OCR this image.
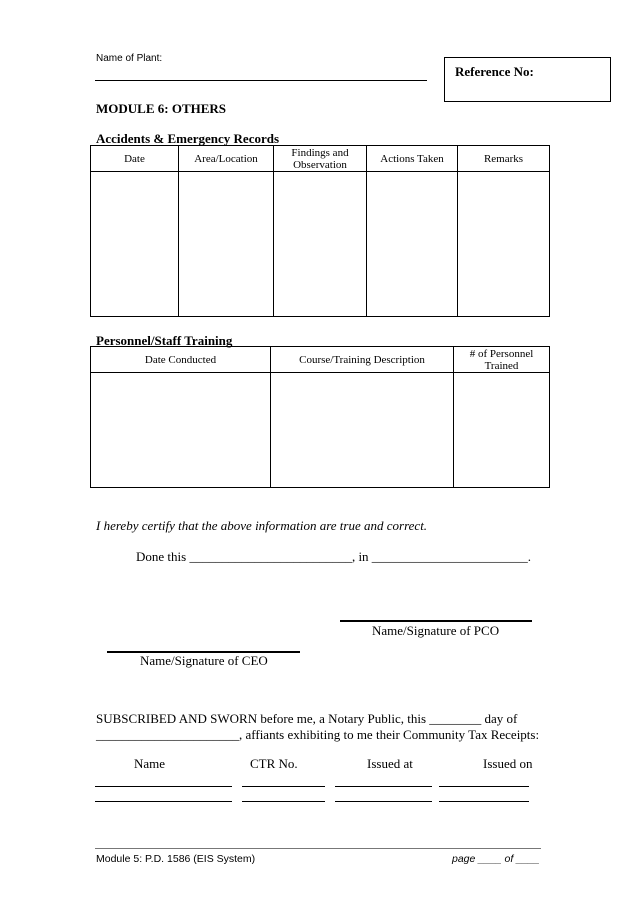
Name of Plant:
Reference No:
MODULE 6: OTHERS
Accidents & Emergency Records
Date	Area/Location	Findings and Observation	Actions Taken	Remarks

Personnel/Staff Training
Date Conducted	Course/Training Description	# of Personnel Trained

I hereby certify that the above information are true and correct.
Done this _________________________, in ________________________.
Name/Signature of PCO
Name/Signature of CEO
SUBSCRIBED AND SWORN before me, a Notary Public, this ________ day of
______________________, affiants exhibiting to me their Community Tax Receipts:
Name	CTR No.	Issued at	Issued on
Module 5: P.D. 1586 (EIS System)	page ____ of ____
